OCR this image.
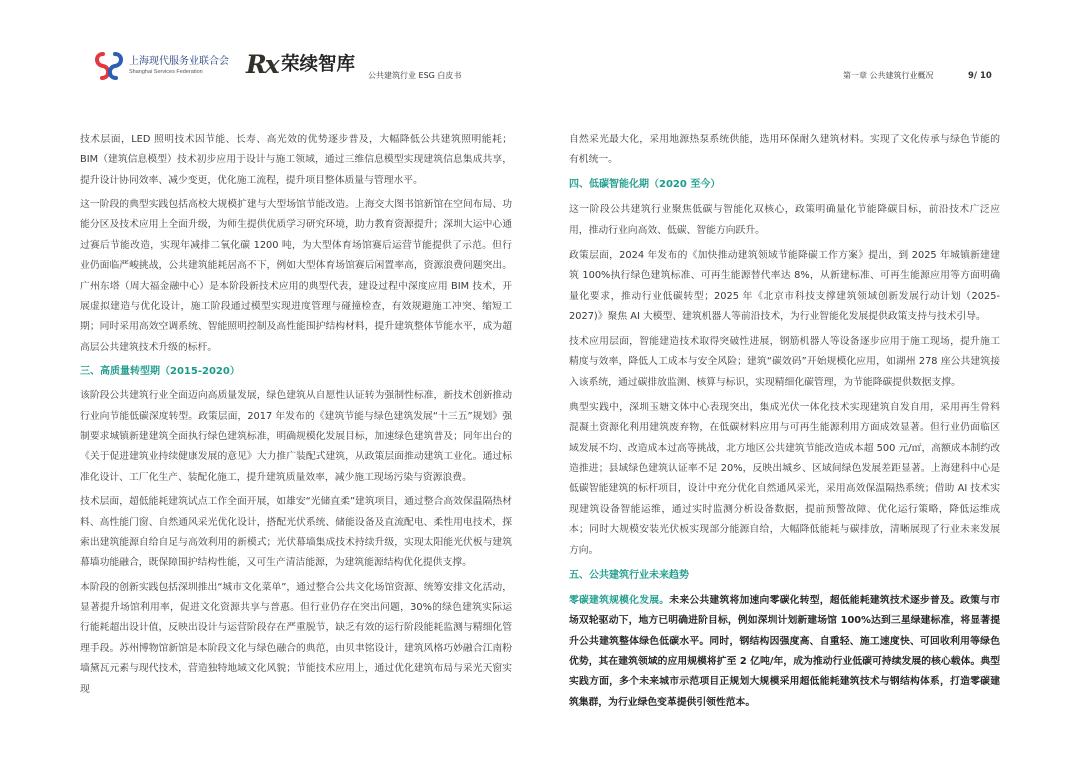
上海现代服务业联合会
Shanghai Services Federation Rx 荣续智库
公共建筑行业 ESG 白皮书	第一章 公共建筑行业概况	9/ 10

技术层面，LED 照明技术因节能、长寿、高光效的优势逐步普及，大幅降低公共建筑照明能耗；BIM（建筑信息模型）技术初步应用于设计与施工领域，通过三维信息模型实现建筑信息集成共享，提升设计协同效率、减少变更，优化施工流程，提升项目整体质量与管理水平。

这一阶段的典型实践包括高校大规模扩建与大型场馆节能改造。上海交大图书馆新馆在空间布局、功能分区及技术应用上全面升级，为师生提供优质学习研究环境，助力教育资源提升；深圳大运中心通过赛后节能改造，实现年减排二氧化碳 1200 吨，为大型体育场馆赛后运营节能提供了示范。但行业仍面临严峻挑战，公共建筑能耗居高不下，例如大型体育场馆赛后闲置率高，资源浪费问题突出。广州东塔（周大福金融中心）是本阶段新技术应用的典型代表，建设过程中深度应用 BIM 技术，开展虚拟建造与优化设计，施工阶段通过模型实现进度管理与碰撞检查，有效规避施工冲突、缩短工期；同时采用高效空调系统、智能照明控制及高性能围护结构材料，提升建筑整体节能水平，成为超高层公共建筑技术升级的标杆。

三、高质量转型期（2015-2020）

该阶段公共建筑行业全面迈向高质量发展，绿色建筑从自愿性认证转为强制性标准，新技术创新推动行业向节能低碳深度转型。政策层面，2017 年发布的《建筑节能与绿色建筑发展“十三五”规划》强制要求城镇新建建筑全面执行绿色建筑标准，明确规模化发展目标，加速绿色建筑普及；同年出台的《关于促进建筑业持续健康发展的意见》大力推广装配式建筑，从政策层面推动建筑工业化。通过标准化设计、工厂化生产、装配化施工，提升建筑质量效率，减少施工现场污染与资源浪费。

技术层面，超低能耗建筑试点工作全面开展，如雄安“光储直柔”建筑项目，通过整合高效保温隔热材料、高性能门窗、自然通风采光优化设计，搭配光伏系统、储能设备及直流配电、柔性用电技术，探索出建筑能源自给自足与高效利用的新模式；光伏幕墙集成技术持续升级，实现太阳能光伏板与建筑幕墙功能融合，既保障围护结构性能，又可生产清洁能源，为建筑能源结构优化提供支撑。

本阶段的创新实践包括深圳推出“城市文化菜单”，通过整合公共文化场馆资源、统筹安排文化活动，显著提升场馆利用率，促进文化资源共享与普惠。但行业仍存在突出问题，30%的绿色建筑实际运行能耗超出设计值，反映出设计与运营阶段存在严重脱节，缺乏有效的运行阶段能耗监测与精细化管理手段。苏州博物馆新馆是本阶段文化与绿色融合的典范，由贝聿铭设计，建筑风格巧妙融合江南粉墙黛瓦元素与现代技术，营造独特地域文化风貌；节能技术应用上，通过优化建筑布局与采光天窗实现

自然采光最大化，采用地源热泵系统供能，选用环保耐久建筑材料。实现了文化传承与绿色节能的有机统一。

四、低碳智能化期（2020 至今）

这一阶段公共建筑行业聚焦低碳与智能化双核心，政策明确量化节能降碳目标，前沿技术广泛应用，推动行业向高效、低碳、智能方向跃升。

政策层面，2024 年发布的《加快推动建筑领域节能降碳工作方案》提出，到 2025 年城镇新建建筑 100%执行绿色建筑标准、可再生能源替代率达 8%，从新建标准、可再生能源应用等方面明确量化要求，推动行业低碳转型；2025 年《北京市科技支撑建筑领域创新发展行动计划（2025-2027)》聚焦 AI 大模型、建筑机器人等前沿技术，为行业智能化发展提供政策支持与技术引导。

技术应用层面，智能建造技术取得突破性进展，钢筋机器人等设备逐步应用于施工现场，提升施工精度与效率，降低人工成本与安全风险；建筑“碳效码”开始规模化应用，如湖州 278 座公共建筑接入该系统，通过碳排放监测、核算与标识，实现精细化碳管理，为节能降碳提供数据支撑。

典型实践中，深圳玉塘文体中心表现突出，集成光伏一体化技术实现建筑自发自用，采用再生骨料混凝土资源化利用建筑废弃物，在低碳材料应用与可再生能源利用方面成效显著。但行业仍面临区域发展不均、改造成本过高等挑战，北方地区公共建筑节能改造成本超 500 元/㎡，高额成本制约改造推进；县域绿色建筑认证率不足 20%，反映出城乡、区域间绿色发展差距显著。上海建科中心是低碳智能建筑的标杆项目，设计中充分优化自然通风采光，采用高效保温隔热系统；借助 AI 技术实现建筑设备智能运维，通过实时监测分析设备数据，提前预警故障、优化运行策略，降低运维成本；同时大规模安装光伏板实现部分能源自给，大幅降低能耗与碳排放，清晰展现了行业未来发展方向。

五、公共建筑行业未来趋势

零碳建筑规模化发展。未来公共建筑将加速向零碳化转型，超低能耗建筑技术逐步普及。政策与市场双轮驱动下，地方已明确进阶目标，例如深圳计划新建场馆 100%达到三星绿建标准，将显著提升公共建筑整体绿色低碳水平。同时，钢结构因强度高、自重轻、施工速度快、可回收利用等绿色优势，其在建筑领域的应用规模将扩至 2 亿吨/年，成为推动行业低碳可持续发展的核心载体。典型实践方面，多个未来城市示范项目正规划大规模采用超低能耗建筑技术与钢结构体系，打造零碳建筑集群，为行业绿色变革提供引领性范本。
